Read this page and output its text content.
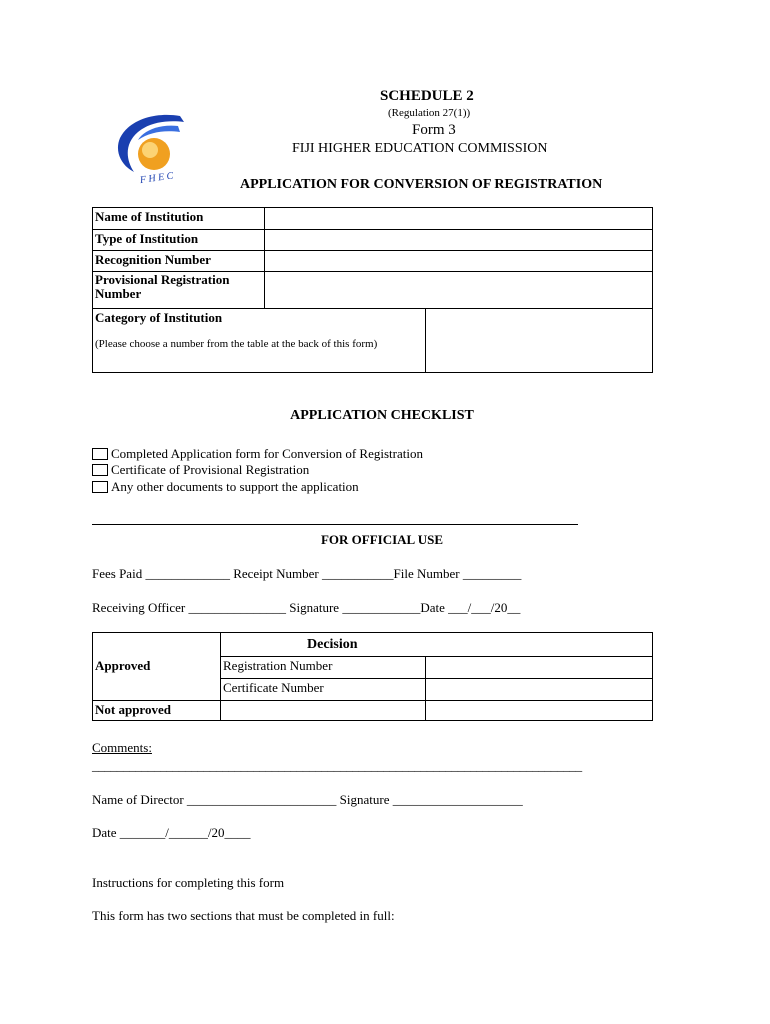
F H E C
SCHEDULE 2
(Regulation 27(1))
Form 3
FIJI HIGHER EDUCATION COMMISSION
APPLICATION FOR CONVERSION OF REGISTRATION
Name of Institution		
Type of Institution		
Recognition Number		
Provisional Registration Number		

Category of Institution
(Please choose a number from the table at the back of this form)		

APPLICATION CHECKLIST
Completed Application form for Conversion of Registration
Certificate of Provisional Registration
Any other documents to support the application
FOR OFFICIAL USE
Fees Paid _____________ Receipt Number ___________File Number _________
Receiving Officer _______________ Signature ____________Date ___/___/20__
	Decision	
Approved	Registration Number	
	Certificate Number	
Not approved		
Comments:
_______________________________________________________________________________
Name of Director _______________________ Signature ____________________
Date _______/______/20____
Instructions for completing this form
This form has two sections that must be completed in full:
